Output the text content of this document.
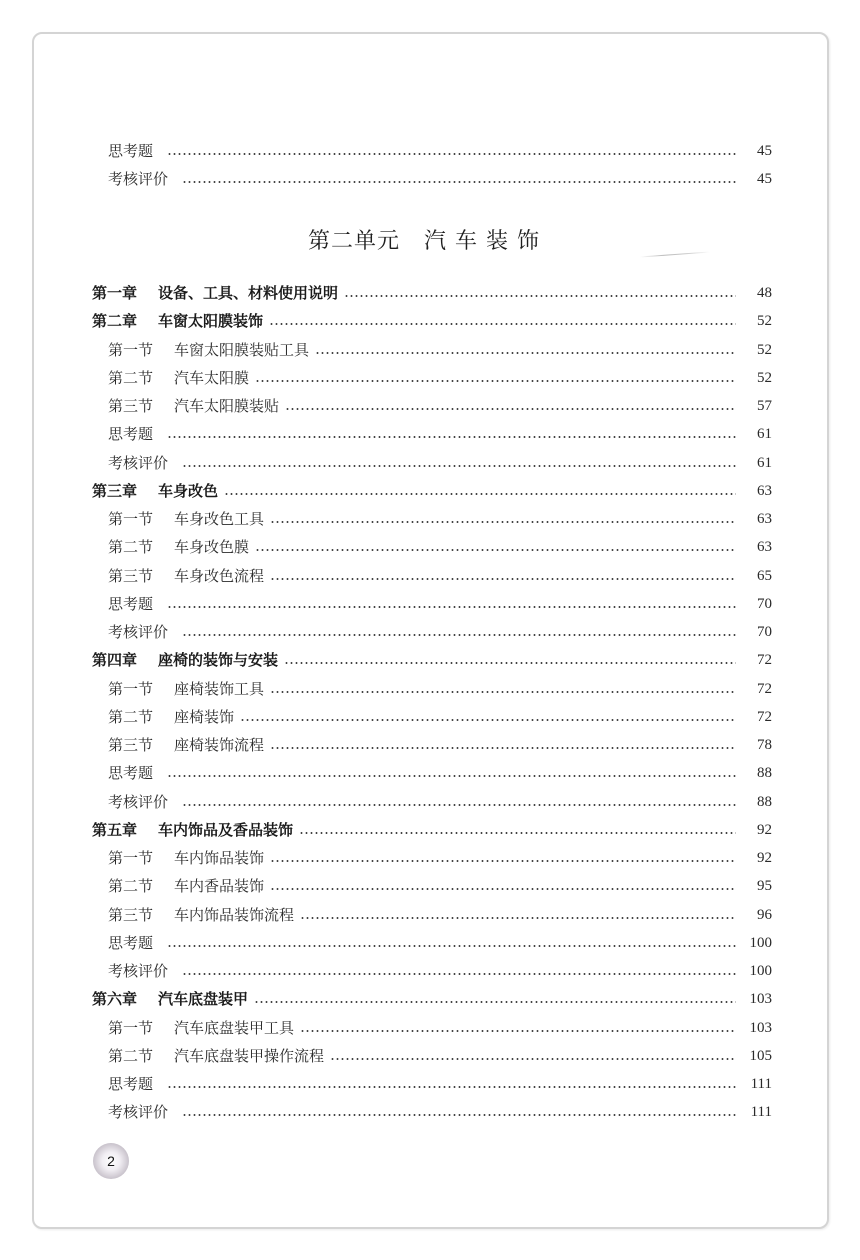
思考题	45
考核评价	45
第二单元   汽 车 装 饰
第一章	设备、工具、材料使用说明	48
第二章	车窗太阳膜装饰	52
第一节	车窗太阳膜装贴工具	52
第二节	汽车太阳膜	52
第三节	汽车太阳膜装贴	57
思考题	61
考核评价	61
第三章	车身改色	63
第一节	车身改色工具	63
第二节	车身改色膜	63
第三节	车身改色流程	65
思考题	70
考核评价	70
第四章	座椅的装饰与安装	72
第一节	座椅装饰工具	72
第二节	座椅装饰	72
第三节	座椅装饰流程	78
思考题	88
考核评价	88
第五章	车内饰品及香品装饰	92
第一节	车内饰品装饰	92
第二节	车内香品装饰	95
第三节	车内饰品装饰流程	96
思考题	100
考核评价	100
第六章	汽车底盘装甲	103
第一节	汽车底盘装甲工具	103
第二节	汽车底盘装甲操作流程	105
思考题	111
考核评价	111
2
